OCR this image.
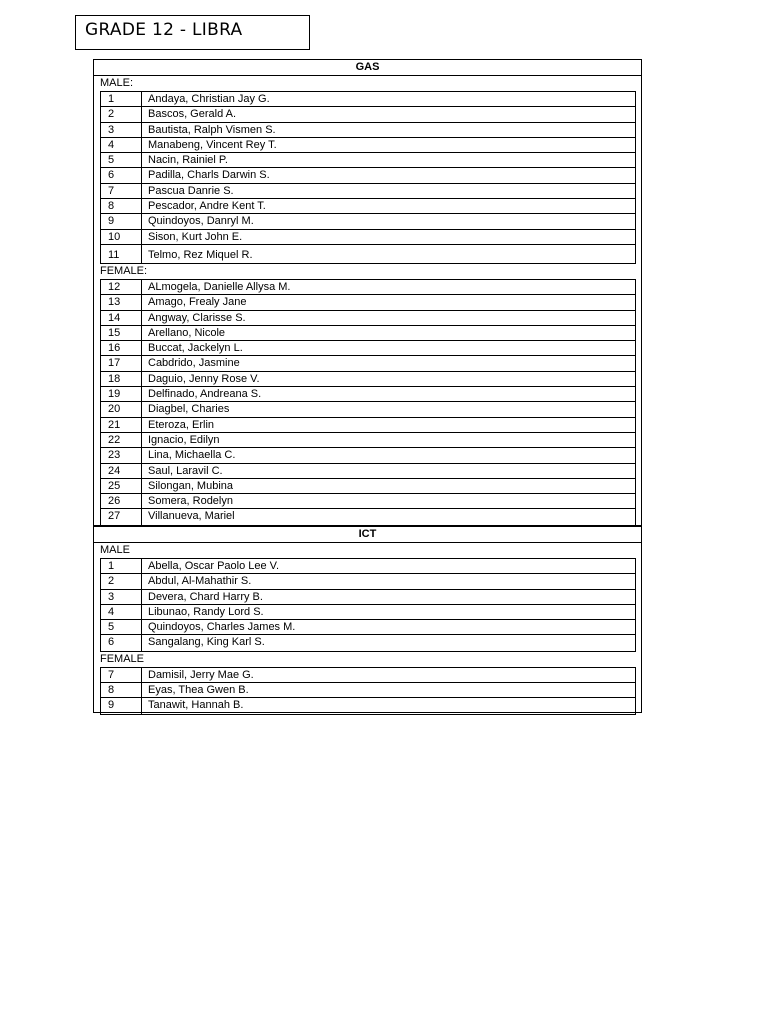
GRADE 12 - LIBRA
GAS
MALE:
1	Andaya, Christian Jay G.
2	Bascos, Gerald A.
3	Bautista, Ralph Vismen S.
4	Manabeng, Vincent Rey T.
5	Nacin, Rainiel P.
6	Padilla, Charls Darwin S.
7	Pascua Danrie S.
8	Pescador, Andre Kent T.
9	Quindoyos, Danryl M.
10	Sison, Kurt John E.
11	Telmo, Rez Miquel R.
FEMALE:
12	ALmogela, Danielle Allysa M.
13	Amago, Frealy Jane
14	Angway, Clarisse S.
15	Arellano, Nicole
16	Buccat, Jackelyn L.
17	Cabdrido, Jasmine
18	Daguio, Jenny Rose V.
19	Delfinado, Andreana S.
20	Diagbel, Charies
21	Eteroza, Erlin
22	Ignacio, Edilyn
23	Lina, Michaella C.
24	Saul, Laravil C.
25	Silongan, Mubina
26	Somera, Rodelyn
27	Villanueva, Mariel
ICT
MALE
1	Abella, Oscar Paolo Lee V.
2	Abdul, Al-Mahathir S.
3	Devera, Chard Harry B.
4	Libunao, Randy Lord S.
5	Quindoyos, Charles James M.
6	Sangalang, King Karl S.
FEMALE
7	Damisil, Jerry Mae G.
8	Eyas, Thea Gwen B.
9	Tanawit, Hannah B.
